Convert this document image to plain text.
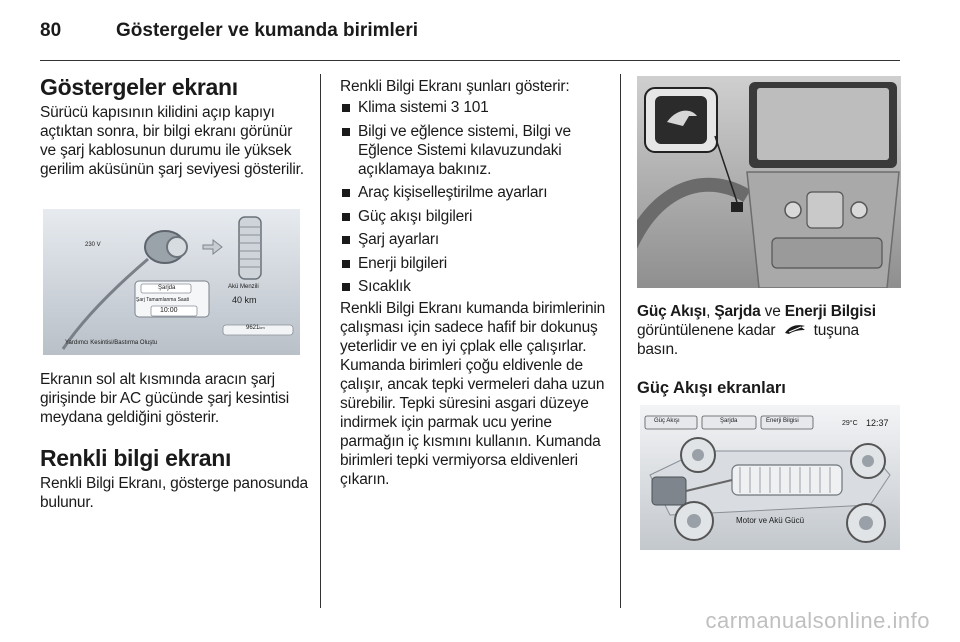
80	Göstergeler ve kumanda birimleri
Göstergeler ekranı

Sürücü kapısının kilidini açıp kapıyı açtıktan sonra, bir bilgi ekranı görünür ve şarj kablosunun durumu ile yüksek gerilim aküsünün şarj seviyesi gösterilir.

230 V
Şarjda
Şarj Tamamlanma Saati
10:00
Akü Menzili
40 km
9621km
Yardımcı Kesintisi/Bastırma Oluştu

Ekranın sol alt kısmında aracın şarj girişinde bir AC gücünde şarj kesintisi meydana geldiğini gösterir.

Renkli bilgi ekranı

Renkli Bilgi Ekranı, gösterge panosunda bulunur.

Renkli Bilgi Ekranı şunları gösterir:

Klima sistemi 3 101
Bilgi ve eğlence sistemi, Bilgi ve Eğlence Sistemi kılavuzundaki açıklamaya bakınız.
Araç kişiselleştirilme ayarları
Güç akışı bilgileri
Şarj ayarları
Enerji bilgileri
Sıcaklık

Renkli Bilgi Ekranı kumanda birimlerinin çalışması için sadece hafif bir dokunuş yeterlidir ve en iyi çplak elle çalışırlar. Kumanda birimleri çoğu eldivenle de çalışır, ancak tepki vermeleri daha uzun sürebilir. Tepki süresini asgari düzeye indirmek için parmak ucu yerine parmağın iç kısmını kullanın. Kumanda birimleri tepki vermiyorsa eldivenleri çıkarın.

Güç Akışı, Şarjda ve Enerji Bilgisi
görüntülenene kadar tuşuna
basın.

Güç Akışı ekranları
Güç Akışı	Şarjda	Enerji Bilgisi	29°C 12:37
Motor ve Akü Gücü
carmanualsonline.info
